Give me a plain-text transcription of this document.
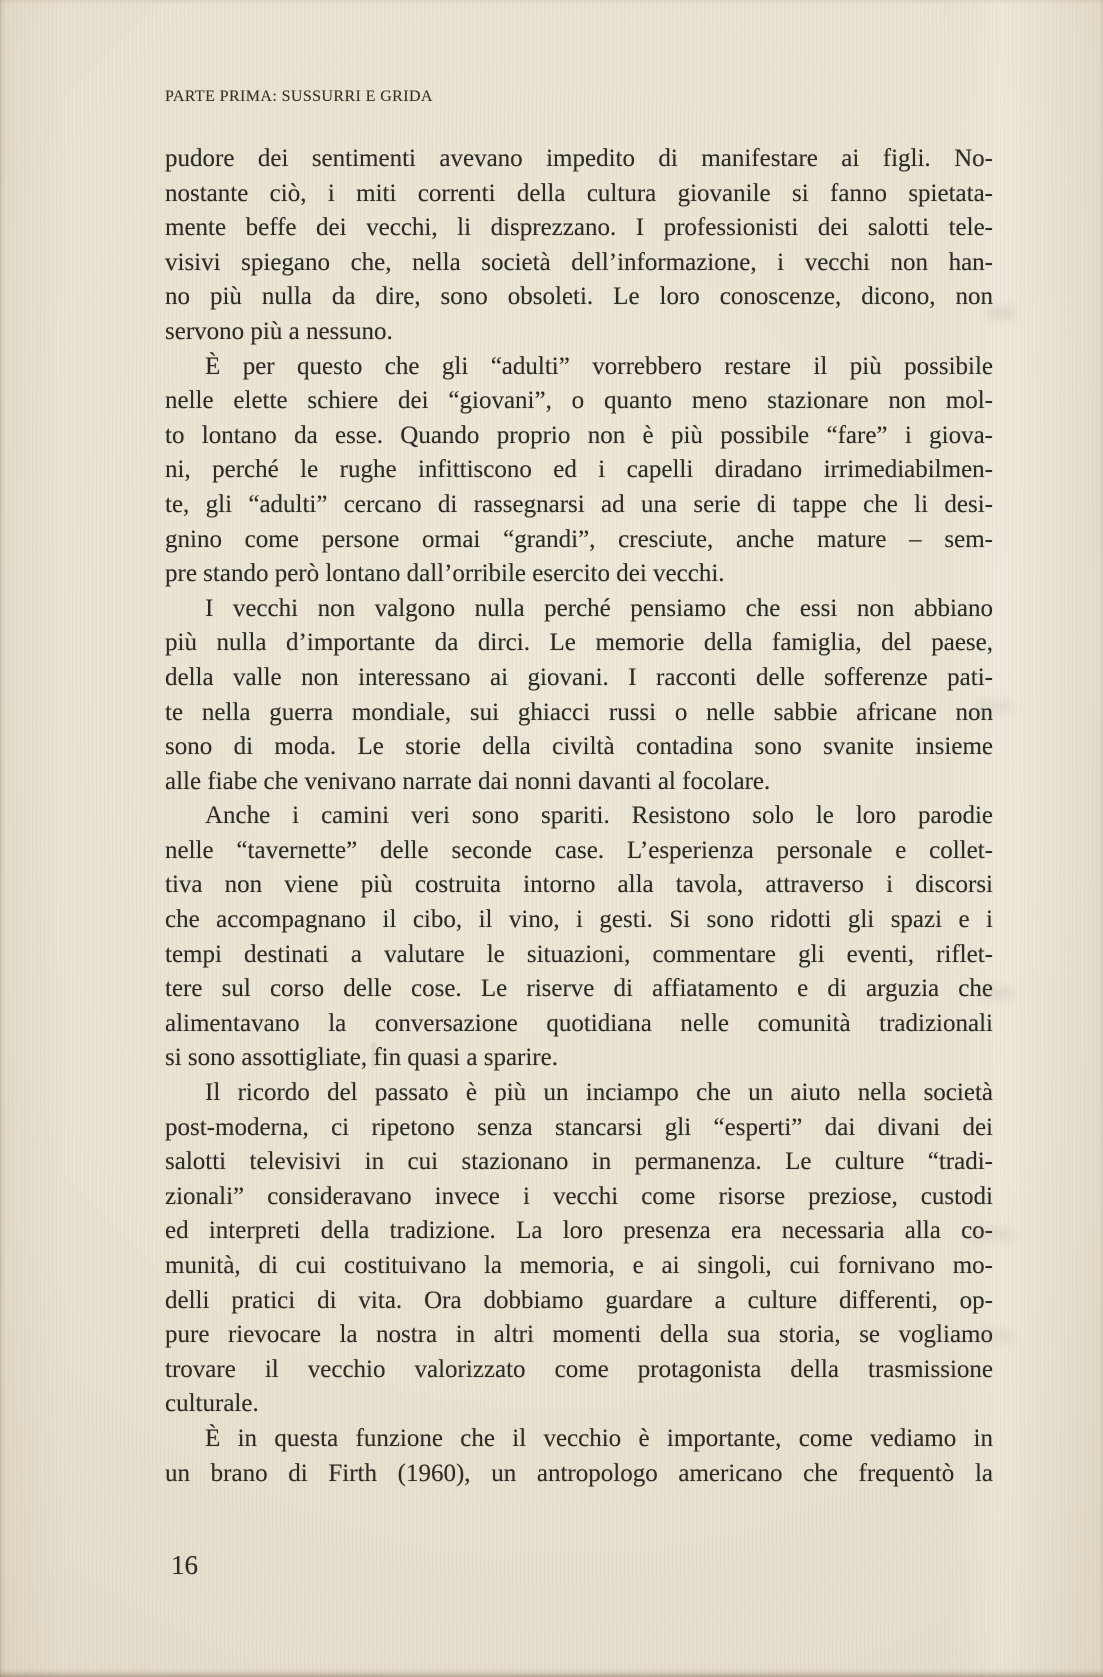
PARTE PRIMA: SUSSURRI E GRIDA
pudore dei sentimenti avevano impedito di manifestare ai figli. No-
nostante ciò, i miti correnti della cultura giovanile si fanno spietata-
mente beffe dei vecchi, li disprezzano. I professionisti dei salotti tele-
visivi spiegano che, nella società dell’informazione, i vecchi non han-
no più nulla da dire, sono obsoleti. Le loro conoscenze, dicono, non
servono più a nessuno.
È per questo che gli “adulti” vorrebbero restare il più possibile
nelle elette schiere dei “giovani”, o quanto meno stazionare non mol-
to lontano da esse. Quando proprio non è più possibile “fare” i giova-
ni, perché le rughe infittiscono ed i capelli diradano irrimediabilmen-
te, gli “adulti” cercano di rassegnarsi ad una serie di tappe che li desi-
gnino come persone ormai “grandi”, cresciute, anche mature – sem-
pre stando però lontano dall’orribile esercito dei vecchi.
I vecchi non valgono nulla perché pensiamo che essi non abbiano
più nulla d’importante da dirci. Le memorie della famiglia, del paese,
della valle non interessano ai giovani. I racconti delle sofferenze pati-
te nella guerra mondiale, sui ghiacci russi o nelle sabbie africane non
sono di moda. Le storie della civiltà contadina sono svanite insieme
alle fiabe che venivano narrate dai nonni davanti al focolare.
Anche i camini veri sono spariti. Resistono solo le loro parodie
nelle “tavernette” delle seconde case. L’esperienza personale e collet-
tiva non viene più costruita intorno alla tavola, attraverso i discorsi
che accompagnano il cibo, il vino, i gesti. Si sono ridotti gli spazi e i
tempi destinati a valutare le situazioni, commentare gli eventi, riflet-
tere sul corso delle cose. Le riserve di affiatamento e di arguzia che
alimentavano la conversazione quotidiana nelle comunità tradizionali
si sono assottigliate, fin quasi a sparire.
Il ricordo del passato è più un inciampo che un aiuto nella società
post-moderna, ci ripetono senza stancarsi gli “esperti” dai divani dei
salotti televisivi in cui stazionano in permanenza. Le culture “tradi-
zionali” consideravano invece i vecchi come risorse preziose, custodi
ed interpreti della tradizione. La loro presenza era necessaria alla co-
munità, di cui costituivano la memoria, e ai singoli, cui fornivano mo-
delli pratici di vita. Ora dobbiamo guardare a culture differenti, op-
pure rievocare la nostra in altri momenti della sua storia, se vogliamo
trovare il vecchio valorizzato come protagonista della trasmissione
culturale.
È in questa funzione che il vecchio è importante, come vediamo in
un brano di Firth (1960), un antropologo americano che frequentò la
16
